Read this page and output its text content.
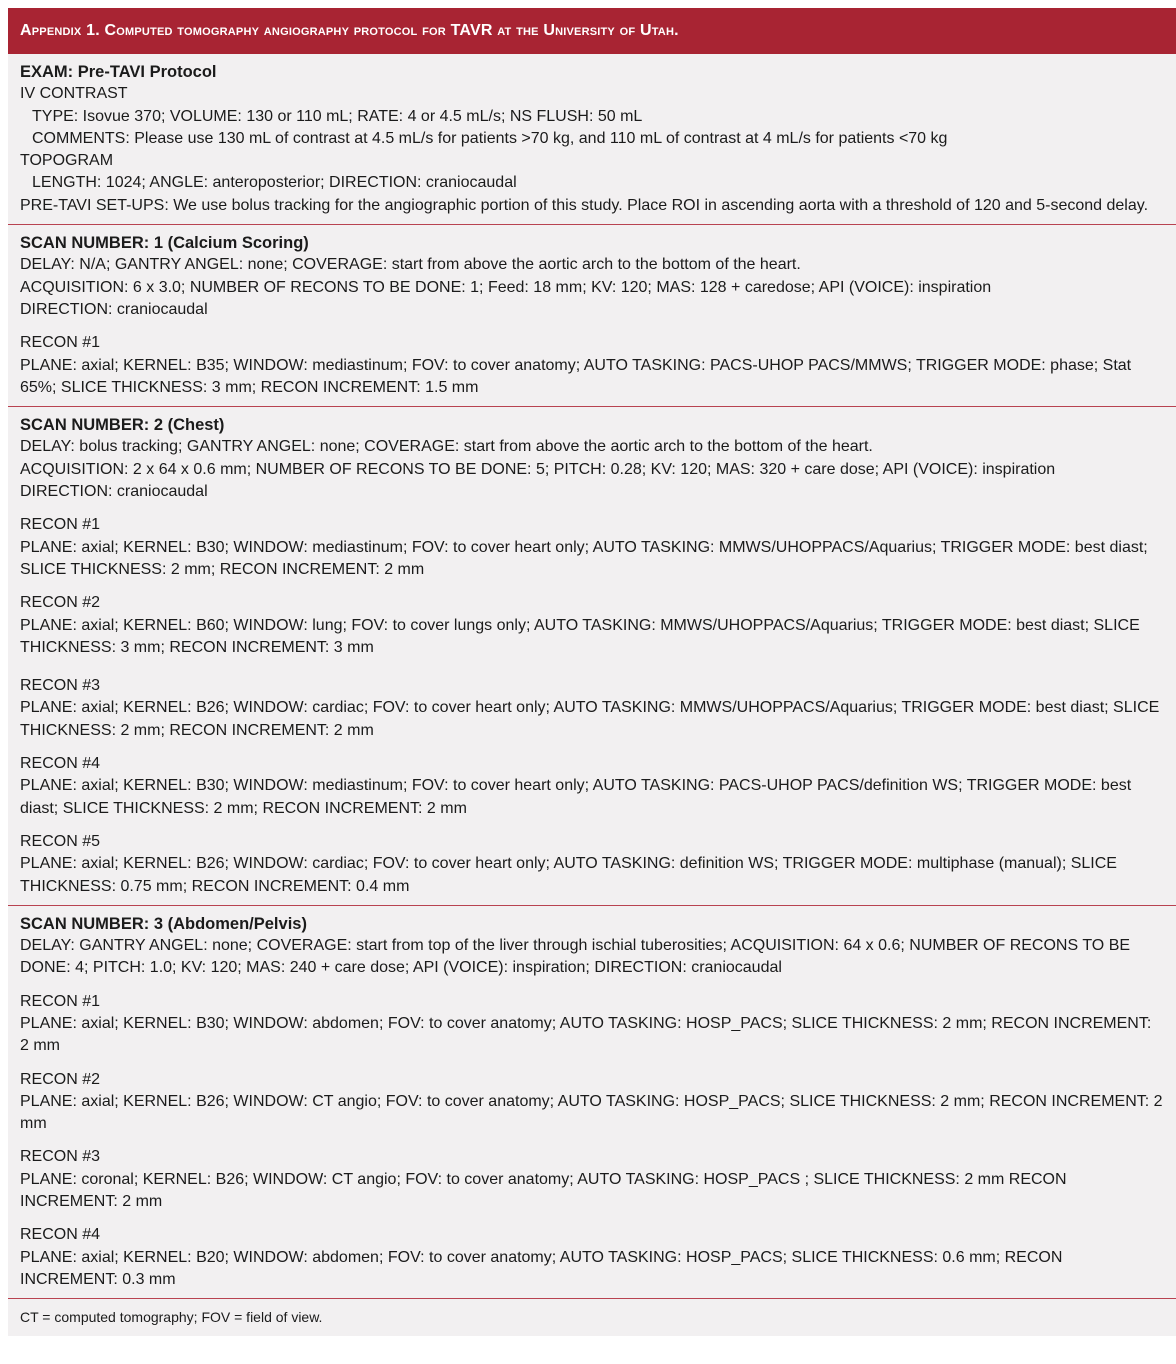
Appendix 1. Computed tomography angiography protocol for TAVR at the University of Utah.
EXAM: Pre-TAVI Protocol
IV CONTRAST
TYPE: Isovue 370; VOLUME: 130 or 110 mL; RATE: 4 or 4.5 mL/s; NS FLUSH: 50 mL
COMMENTS: Please use 130 mL of contrast at 4.5 mL/s for patients >70 kg, and 110 mL of contrast at 4 mL/s for patients <70 kg
TOPOGRAM
LENGTH: 1024; ANGLE: anteroposterior; DIRECTION: craniocaudal
PRE-TAVI SET-UPS: We use bolus tracking for the angiographic portion of this study. Place ROI in ascending aorta with a threshold of 120 and 5-second delay.
SCAN NUMBER: 1 (Calcium Scoring)
DELAY: N/A; GANTRY ANGEL: none; COVERAGE: start from above the aortic arch to the bottom of the heart.
ACQUISITION: 6 x 3.0; NUMBER OF RECONS TO BE DONE: 1; Feed: 18 mm; KV: 120; MAS: 128 + caredose; API (VOICE): inspiration
DIRECTION: craniocaudal
RECON #1
PLANE: axial; KERNEL: B35; WINDOW: mediastinum; FOV: to cover anatomy; AUTO TASKING: PACS-UHOP PACS/MMWS; TRIGGER MODE: phase; Stat 65%; SLICE THICKNESS: 3 mm; RECON INCREMENT: 1.5 mm
SCAN NUMBER: 2 (Chest)
DELAY: bolus tracking; GANTRY ANGEL: none; COVERAGE: start from above the aortic arch to the bottom of the heart.
ACQUISITION: 2 x 64 x 0.6 mm; NUMBER OF RECONS TO BE DONE: 5; PITCH: 0.28; KV: 120; MAS: 320 + care dose; API (VOICE): inspiration
DIRECTION: craniocaudal
RECON #1
PLANE: axial; KERNEL: B30; WINDOW: mediastinum; FOV: to cover heart only; AUTO TASKING: MMWS/UHOPPACS/Aquarius; TRIGGER MODE: best diast; SLICE THICKNESS: 2 mm; RECON INCREMENT: 2 mm
RECON #2
PLANE: axial; KERNEL: B60; WINDOW: lung; FOV: to cover lungs only; AUTO TASKING: MMWS/UHOPPACS/Aquarius; TRIGGER MODE: best diast; SLICE THICKNESS: 3 mm; RECON INCREMENT: 3 mm
RECON #3
PLANE: axial; KERNEL: B26; WINDOW: cardiac; FOV: to cover heart only; AUTO TASKING: MMWS/UHOPPACS/Aquarius; TRIGGER MODE: best diast; SLICE THICKNESS: 2 mm; RECON INCREMENT: 2 mm
RECON #4
PLANE: axial; KERNEL: B30; WINDOW: mediastinum; FOV: to cover heart only; AUTO TASKING: PACS-UHOP PACS/definition WS; TRIGGER MODE: best diast; SLICE THICKNESS: 2 mm; RECON INCREMENT: 2 mm
RECON #5
PLANE: axial; KERNEL: B26; WINDOW: cardiac; FOV: to cover heart only; AUTO TASKING: definition WS; TRIGGER MODE: multiphase (manual); SLICE THICKNESS: 0.75 mm; RECON INCREMENT: 0.4 mm
SCAN NUMBER: 3 (Abdomen/Pelvis)
DELAY: GANTRY ANGEL: none; COVERAGE: start from top of the liver through ischial tuberosities; ACQUISITION: 64 x 0.6; NUMBER OF RECONS TO BE DONE: 4; PITCH: 1.0; KV: 120; MAS: 240 + care dose; API (VOICE): inspiration; DIRECTION: craniocaudal
RECON #1
PLANE: axial; KERNEL: B30; WINDOW: abdomen; FOV: to cover anatomy; AUTO TASKING: HOSP_PACS; SLICE THICKNESS: 2 mm; RECON INCREMENT: 2 mm
RECON #2
PLANE: axial; KERNEL: B26; WINDOW: CT angio; FOV: to cover anatomy; AUTO TASKING: HOSP_PACS; SLICE THICKNESS: 2 mm; RECON INCREMENT: 2 mm
RECON #3
PLANE: coronal; KERNEL: B26; WINDOW: CT angio; FOV: to cover anatomy; AUTO TASKING: HOSP_PACS ; SLICE THICKNESS: 2 mm RECON INCREMENT: 2 mm
RECON #4
PLANE: axial; KERNEL: B20; WINDOW: abdomen; FOV: to cover anatomy; AUTO TASKING: HOSP_PACS; SLICE THICKNESS: 0.6 mm; RECON INCREMENT: 0.3 mm
CT = computed tomography; FOV = field of view.
